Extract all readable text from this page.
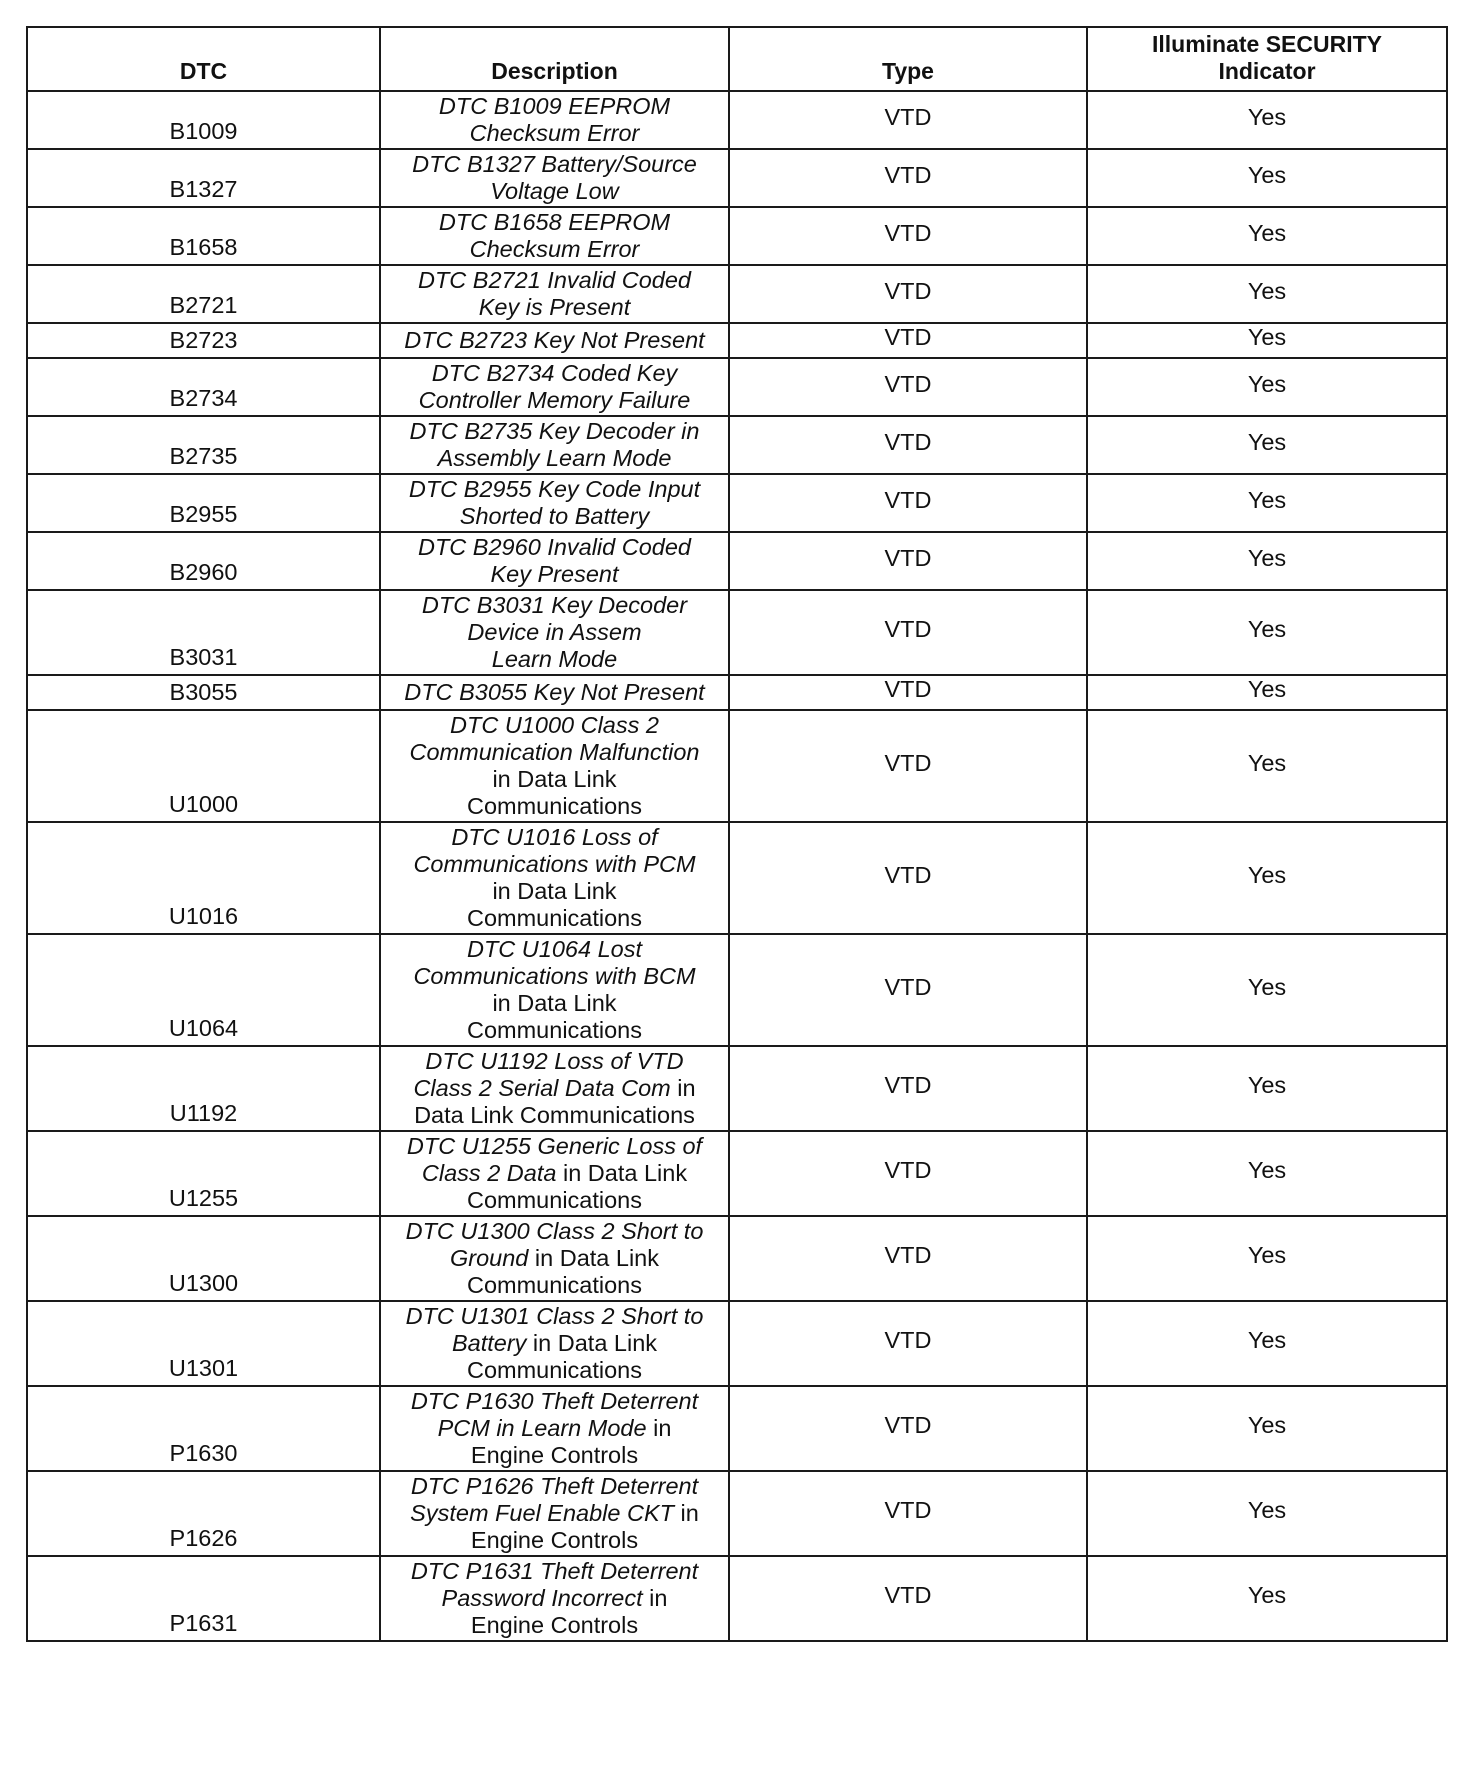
DTC	Description	Type	Illuminate SECURITY
Indicator
B1009	DTC B1009 EEPROM
Checksum Error	VTD	Yes
B1327	DTC B1327 Battery/Source
Voltage Low	VTD	Yes
B1658	DTC B1658 EEPROM
Checksum Error	VTD	Yes
B2721	DTC B2721 Invalid Coded
Key is Present	VTD	Yes
B2723	DTC B2723 Key Not Present	VTD	Yes
B2734	DTC B2734 Coded Key
Controller Memory Failure	VTD	Yes
B2735	DTC B2735 Key Decoder in
Assembly Learn Mode	VTD	Yes
B2955	DTC B2955 Key Code Input
Shorted to Battery	VTD	Yes
B2960	DTC B2960 Invalid Coded
Key Present	VTD	Yes
B3031	DTC B3031 Key Decoder
Device in Assem
Learn Mode	VTD	Yes
B3055	DTC B3055 Key Not Present	VTD	Yes
U1000	DTC U1000 Class 2
Communication Malfunction
in Data Link
Communications	VTD	Yes
U1016	DTC U1016 Loss of
Communications with PCM
in Data Link
Communications	VTD	Yes
U1064	DTC U1064 Lost
Communications with BCM
in Data Link
Communications	VTD	Yes
U1192	DTC U1192 Loss of VTD
Class 2 Serial Data Com in
Data Link Communications	VTD	Yes
U1255	DTC U1255 Generic Loss of
Class 2 Data in Data Link
Communications	VTD	Yes
U1300	DTC U1300 Class 2 Short to
Ground in Data Link
Communications	VTD	Yes
U1301	DTC U1301 Class 2 Short to
Battery in Data Link
Communications	VTD	Yes
P1630	DTC P1630 Theft Deterrent
PCM in Learn Mode in
Engine Controls	VTD	Yes
P1626	DTC P1626 Theft Deterrent
System Fuel Enable CKT in
Engine Controls	VTD	Yes
P1631	DTC P1631 Theft Deterrent
Password Incorrect in
Engine Controls	VTD	Yes
